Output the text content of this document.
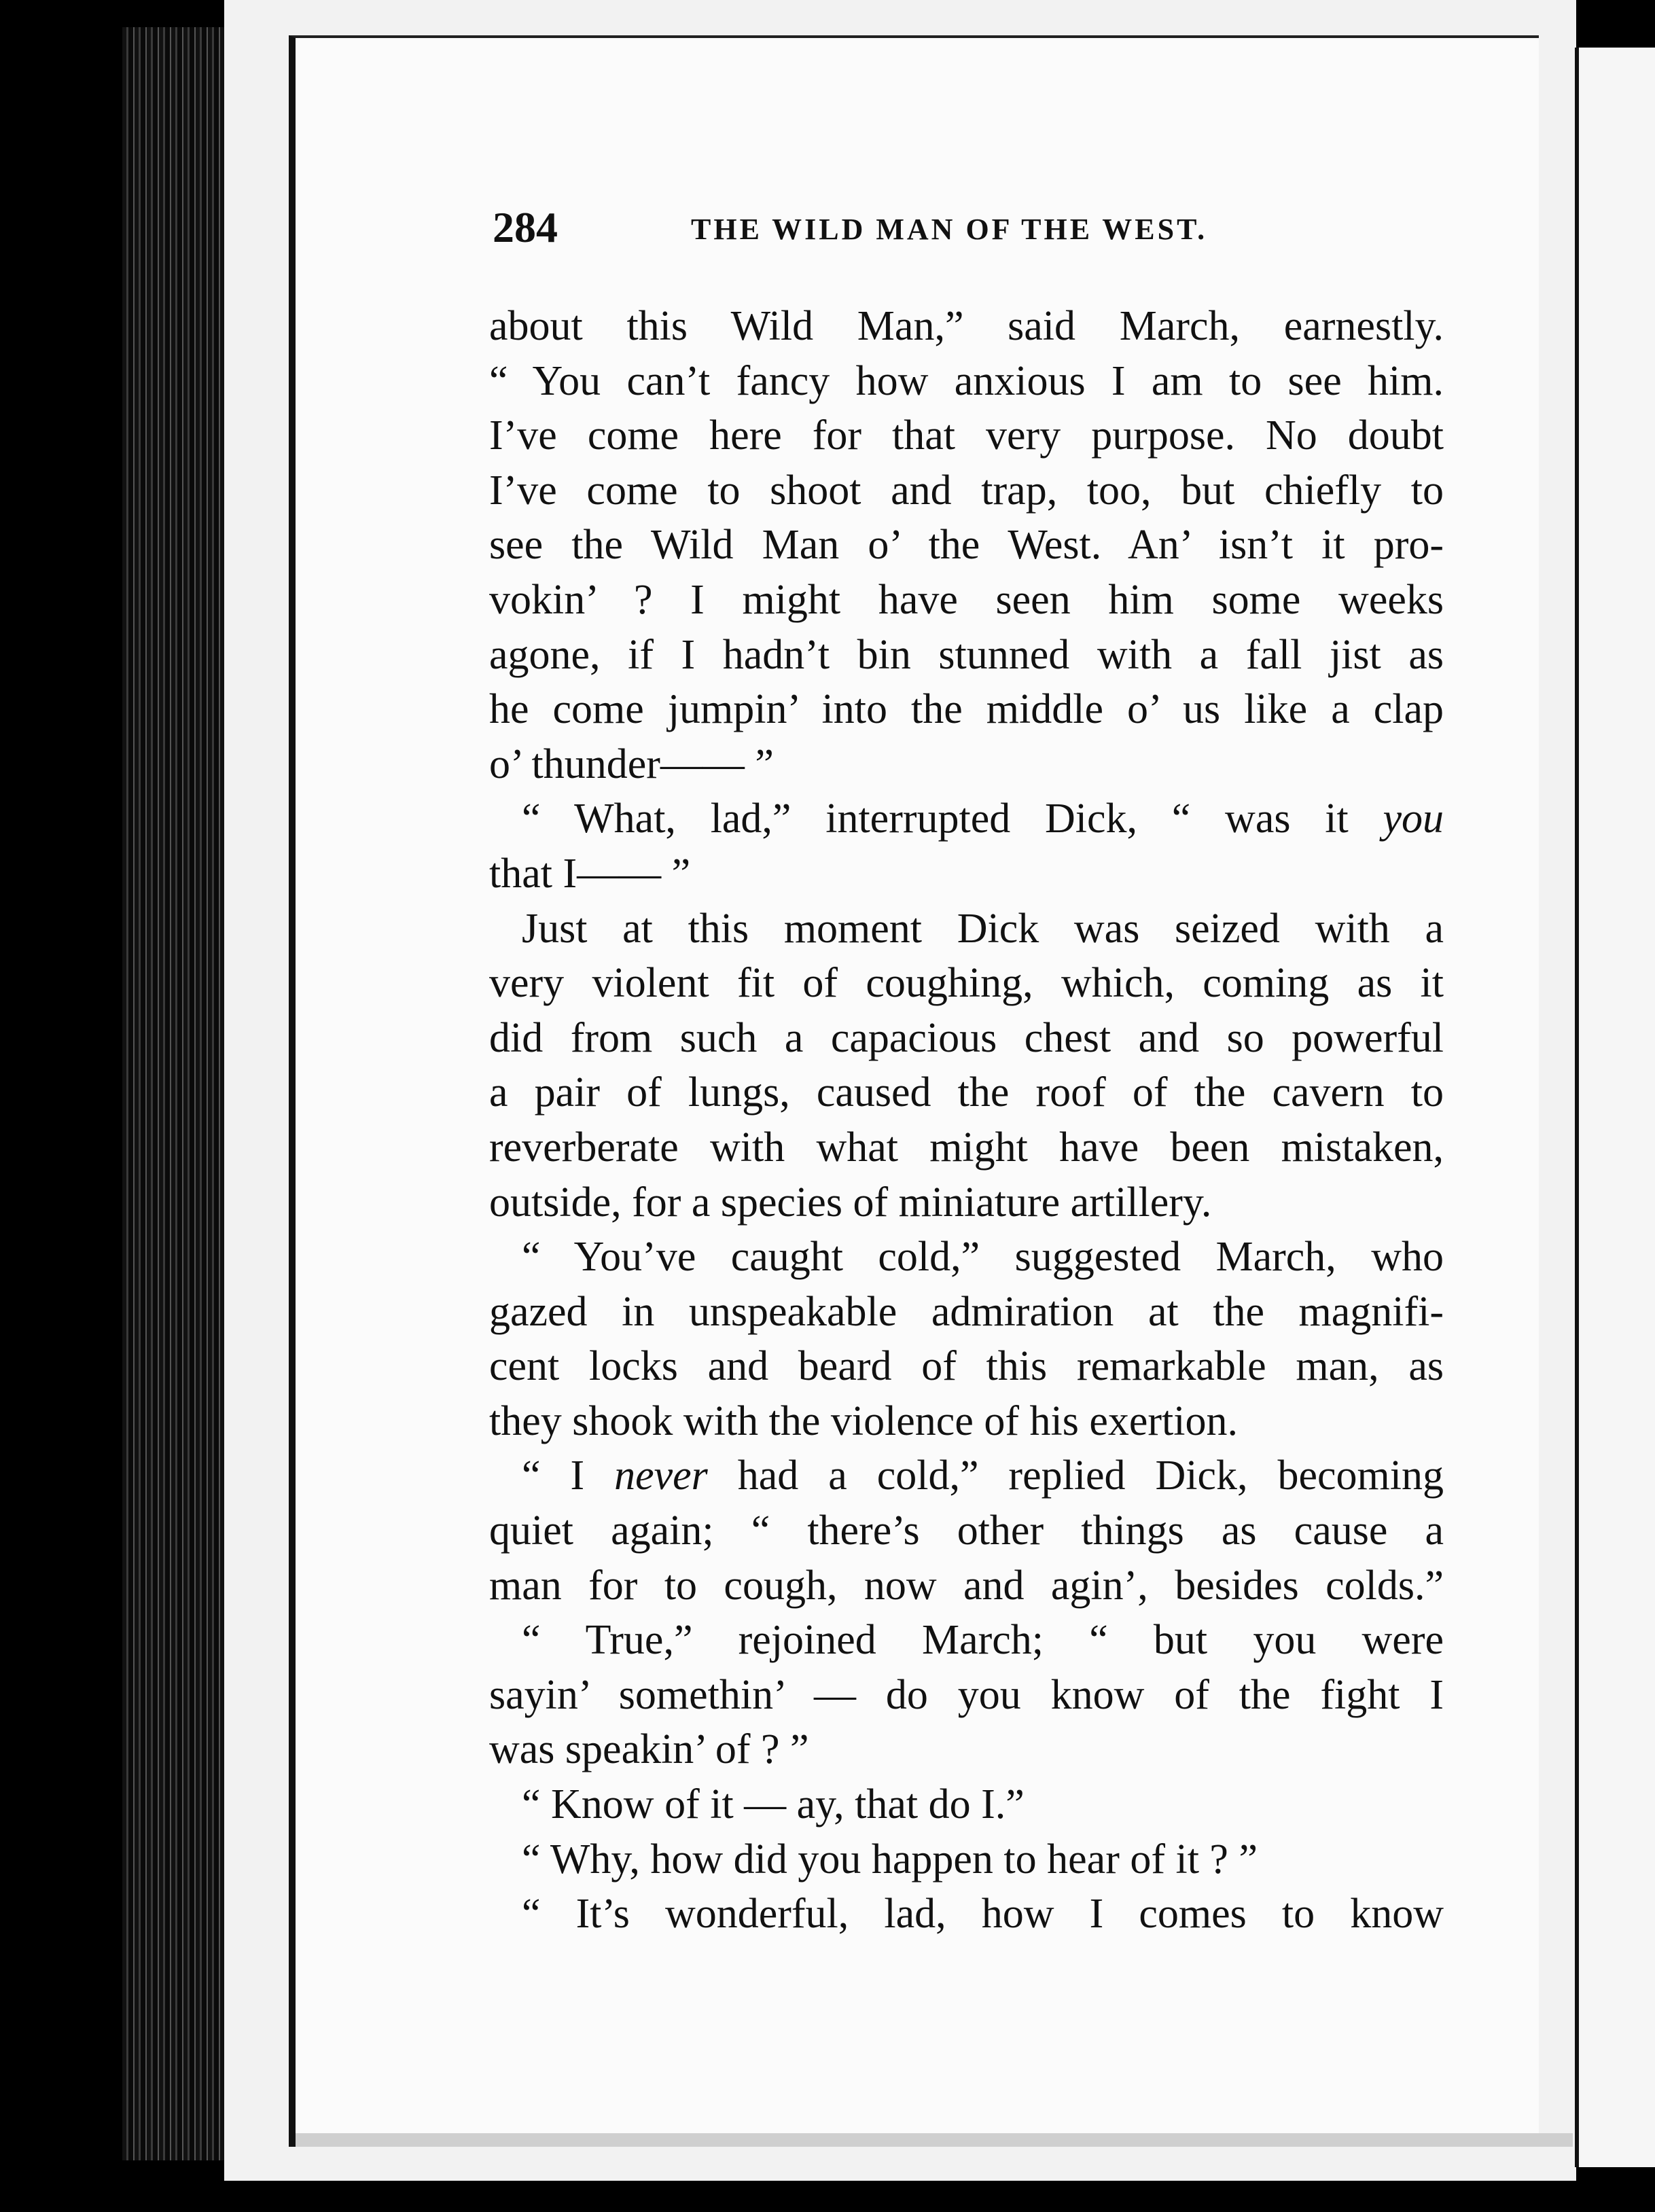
284	THE WILD MAN OF THE WEST.
about this Wild Man,” said March, earnestly.
“ You can’t fancy how anxious I am to see him.
I’ve come here for that very purpose. No doubt
I’ve come to shoot and trap, too, but chiefly to
see the Wild Man o’ the West. An’ isn’t it pro-
vokin’ ? I might have seen him some weeks
agone, if I hadn’t bin stunned with a fall jist as
he come jumpin’ into the middle o’ us like a clap
o’ thunder—— ”
“ What, lad,” interrupted Dick, “ was it you
that I—— ”
Just at this moment Dick was seized with a
very violent fit of coughing, which, coming as it
did from such a capacious chest and so powerful
a pair of lungs, caused the roof of the cavern to
reverberate with what might have been mistaken,
outside, for a species of miniature artillery.
“ You’ve caught cold,” suggested March, who
gazed in unspeakable admiration at the magnifi-
cent locks and beard of this remarkable man, as
they shook with the violence of his exertion.
“ I never had a cold,” replied Dick, becoming
quiet again; “ there’s other things as cause a
man for to cough, now and agin’, besides colds.”
“ True,” rejoined March; “ but you were
sayin’ somethin’ — do you know of the fight I
was speakin’ of ? ”
“ Know of it — ay, that do I.”
“ Why, how did you happen to hear of it ? ”
“ It’s wonderful, lad, how I comes to know
